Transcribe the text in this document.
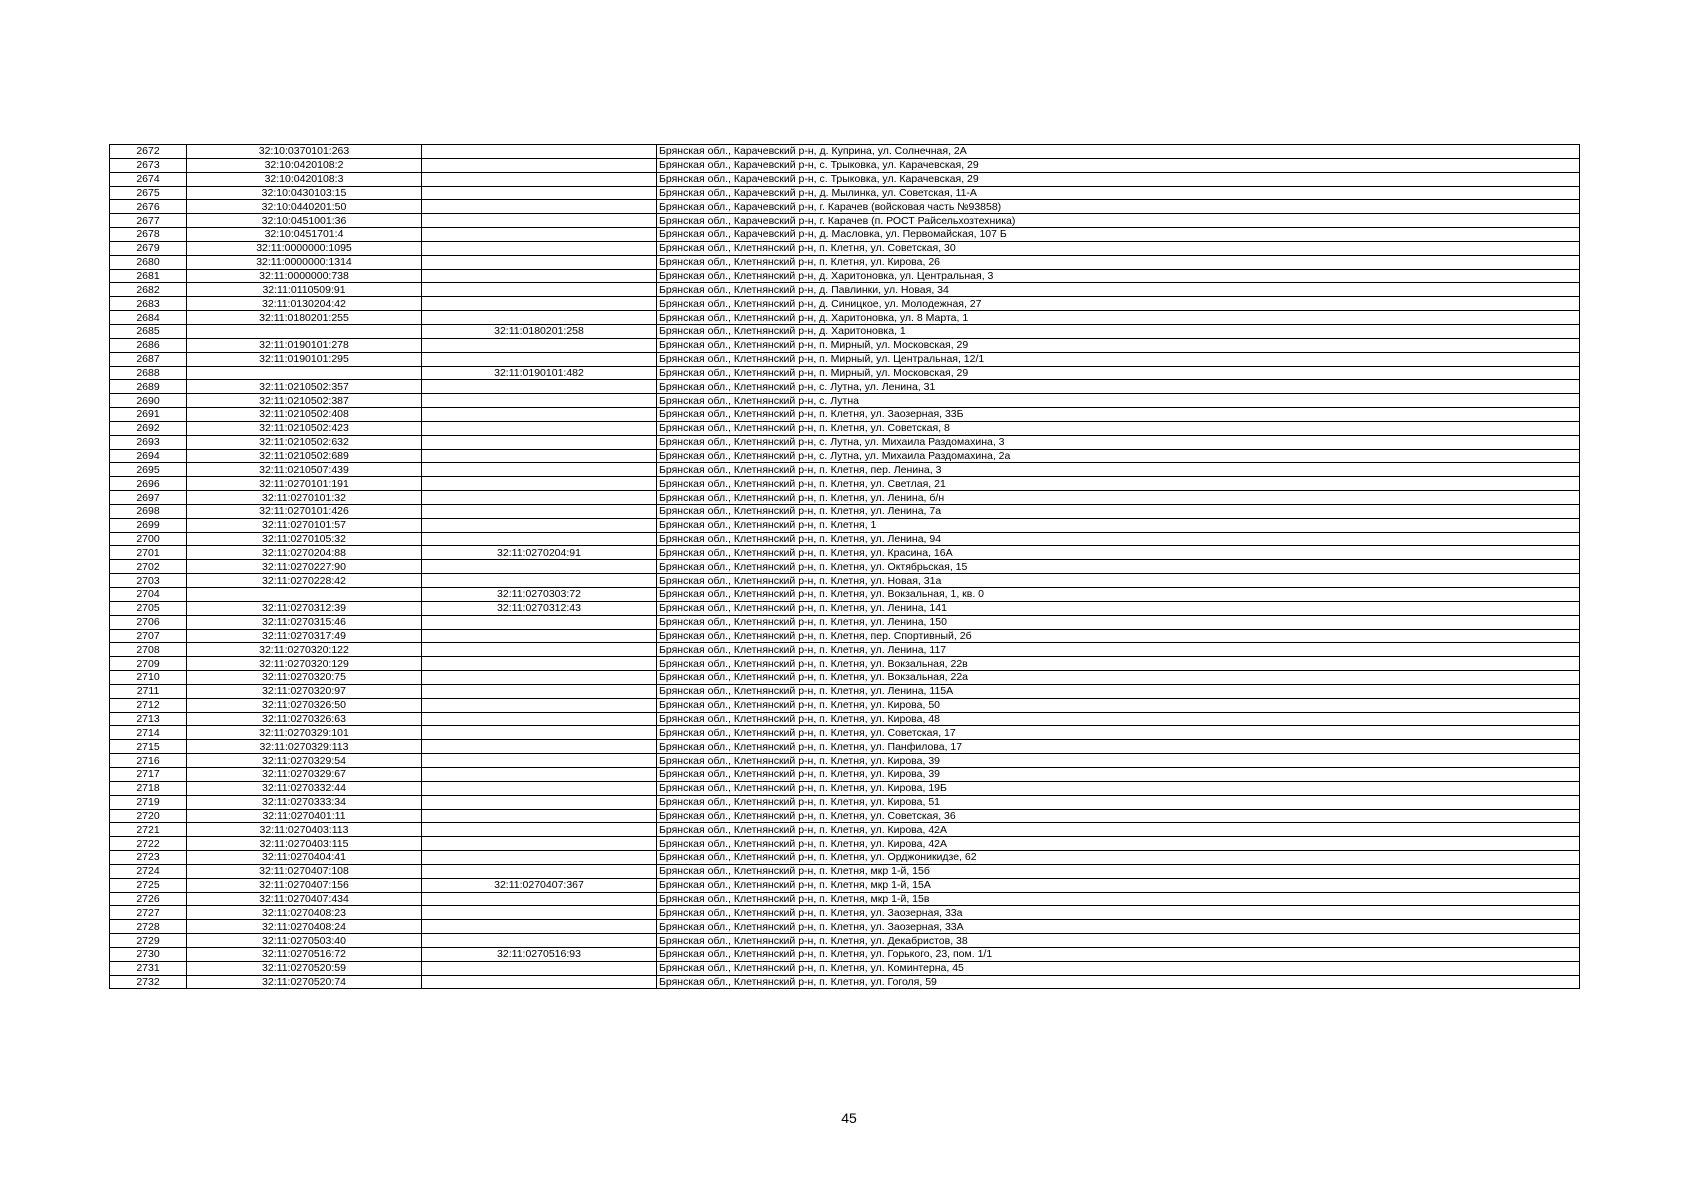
2672	32:10:0370101:263		Брянская обл., Карачевский р-н, д. Куприна, ул. Солнечная, 2А
2673	32:10:0420108:2		Брянская обл., Карачевский р-н, с. Трыковка, ул. Карачевская, 29
2674	32:10:0420108:3		Брянская обл., Карачевский р-н, с. Трыковка, ул. Карачевская, 29
2675	32:10:0430103:15		Брянская обл., Карачевский р-н, д. Мылинка, ул. Советская, 11-А
2676	32:10:0440201:50		Брянская обл., Карачевский р-н, г. Карачев (войсковая часть №93858)
2677	32:10:0451001:36		Брянская обл., Карачевский р-н, г. Карачев (п. РОСТ Райсельхозтехника)
2678	32:10:0451701:4		Брянская обл., Карачевский р-н, д. Масловка, ул. Первомайская, 107 Б
2679	32:11:0000000:1095		Брянская обл., Клетнянский р-н, п. Клетня, ул. Советская, 30
2680	32:11:0000000:1314		Брянская обл., Клетнянский р-н, п. Клетня, ул. Кирова, 26
2681	32:11:0000000:738		Брянская обл., Клетнянский р-н, д. Харитоновка, ул. Центральная, 3
2682	32:11:0110509:91		Брянская обл., Клетнянский р-н, д. Павлинки, ул. Новая, 34
2683	32:11:0130204:42		Брянская обл., Клетнянский р-н, д. Синицкое, ул. Молодежная, 27
2684	32:11:0180201:255		Брянская обл., Клетнянский р-н, д. Харитоновка, ул. 8 Марта, 1
2685		32:11:0180201:258	Брянская обл., Клетнянский р-н, д. Харитоновка, 1
2686	32:11:0190101:278		Брянская обл., Клетнянский р-н, п. Мирный, ул. Московская, 29
2687	32:11:0190101:295		Брянская обл., Клетнянский р-н, п. Мирный, ул. Центральная, 12/1
2688		32:11:0190101:482	Брянская обл., Клетнянский р-н, п. Мирный, ул. Московская, 29
2689	32:11:0210502:357		Брянская обл., Клетнянский р-н, с. Лутна, ул. Ленина, 31
2690	32:11:0210502:387		Брянская обл., Клетнянский р-н, с. Лутна
2691	32:11:0210502:408		Брянская обл., Клетнянский р-н, п. Клетня, ул. Заозерная, 33Б
2692	32:11:0210502:423		Брянская обл., Клетнянский р-н, п. Клетня, ул. Советская, 8
2693	32:11:0210502:632		Брянская обл., Клетнянский р-н, с. Лутна, ул. Михаила Раздомахина, 3
2694	32:11:0210502:689		Брянская обл., Клетнянский р-н, с. Лутна, ул. Михаила Раздомахина, 2а
2695	32:11:0210507:439		Брянская обл., Клетнянский р-н, п. Клетня, пер. Ленина, 3
2696	32:11:0270101:191		Брянская обл., Клетнянский р-н, п. Клетня, ул. Светлая, 21
2697	32:11:0270101:32		Брянская обл., Клетнянский р-н, п. Клетня, ул. Ленина, б/н
2698	32:11:0270101:426		Брянская обл., Клетнянский р-н, п. Клетня, ул. Ленина, 7а
2699	32:11:0270101:57		Брянская обл., Клетнянский р-н, п. Клетня, 1
2700	32:11:0270105:32		Брянская обл., Клетнянский р-н, п. Клетня, ул. Ленина, 94
2701	32:11:0270204:88	32:11:0270204:91	Брянская обл., Клетнянский р-н, п. Клетня, ул. Красина, 16А
2702	32:11:0270227:90		Брянская обл., Клетнянский р-н, п. Клетня, ул. Октябрьская, 15
2703	32:11:0270228:42		Брянская обл., Клетнянский р-н, п. Клетня, ул. Новая, 31а
2704		32:11:0270303:72	Брянская обл., Клетнянский р-н, п. Клетня, ул. Вокзальная, 1, кв. 0
2705	32:11:0270312:39	32:11:0270312:43	Брянская обл., Клетнянский р-н, п. Клетня, ул. Ленина, 141
2706	32:11:0270315:46		Брянская обл., Клетнянский р-н, п. Клетня, ул. Ленина, 150
2707	32:11:0270317:49		Брянская обл., Клетнянский р-н, п. Клетня, пер. Спортивный, 2б
2708	32:11:0270320:122		Брянская обл., Клетнянский р-н, п. Клетня, ул. Ленина, 117
2709	32:11:0270320:129		Брянская обл., Клетнянский р-н, п. Клетня, ул. Вокзальная, 22в
2710	32:11:0270320:75		Брянская обл., Клетнянский р-н, п. Клетня, ул. Вокзальная, 22а
2711	32:11:0270320:97		Брянская обл., Клетнянский р-н, п. Клетня, ул. Ленина, 115А
2712	32:11:0270326:50		Брянская обл., Клетнянский р-н, п. Клетня, ул. Кирова, 50
2713	32:11:0270326:63		Брянская обл., Клетнянский р-н, п. Клетня, ул. Кирова, 48
2714	32:11:0270329:101		Брянская обл., Клетнянский р-н, п. Клетня, ул. Советская, 17
2715	32:11:0270329:113		Брянская обл., Клетнянский р-н, п. Клетня, ул. Панфилова, 17
2716	32:11:0270329:54		Брянская обл., Клетнянский р-н, п. Клетня, ул. Кирова, 39
2717	32:11:0270329:67		Брянская обл., Клетнянский р-н, п. Клетня, ул. Кирова, 39
2718	32:11:0270332:44		Брянская обл., Клетнянский р-н, п. Клетня, ул. Кирова, 19Б
2719	32:11:0270333:34		Брянская обл., Клетнянский р-н, п. Клетня, ул. Кирова, 51
2720	32:11:0270401:11		Брянская обл., Клетнянский р-н, п. Клетня, ул. Советская, 36
2721	32:11:0270403:113		Брянская обл., Клетнянский р-н, п. Клетня, ул. Кирова, 42А
2722	32:11:0270403:115		Брянская обл., Клетнянский р-н, п. Клетня, ул. Кирова, 42А
2723	32:11:0270404:41		Брянская обл., Клетнянский р-н, п. Клетня, ул. Орджоникидзе, 62
2724	32:11:0270407:108		Брянская обл., Клетнянский р-н, п. Клетня, мкр 1-й, 15б
2725	32:11:0270407:156	32:11:0270407:367	Брянская обл., Клетнянский р-н, п. Клетня, мкр 1-й, 15А
2726	32:11:0270407:434		Брянская обл., Клетнянский р-н, п. Клетня, мкр 1-й, 15в
2727	32:11:0270408:23		Брянская обл., Клетнянский р-н, п. Клетня, ул. Заозерная, 33а
2728	32:11:0270408:24		Брянская обл., Клетнянский р-н, п. Клетня, ул. Заозерная, 33А
2729	32:11:0270503:40		Брянская обл., Клетнянский р-н, п. Клетня, ул. Декабристов, 38
2730	32:11:0270516:72	32:11:0270516:93	Брянская обл., Клетнянский р-н, п. Клетня, ул. Горького, 23, пом. 1/1
2731	32:11:0270520:59		Брянская обл., Клетнянский р-н, п. Клетня, ул. Коминтерна, 45
2732	32:11:0270520:74		Брянская обл., Клетнянский р-н, п. Клетня, ул. Гоголя, 59
45
